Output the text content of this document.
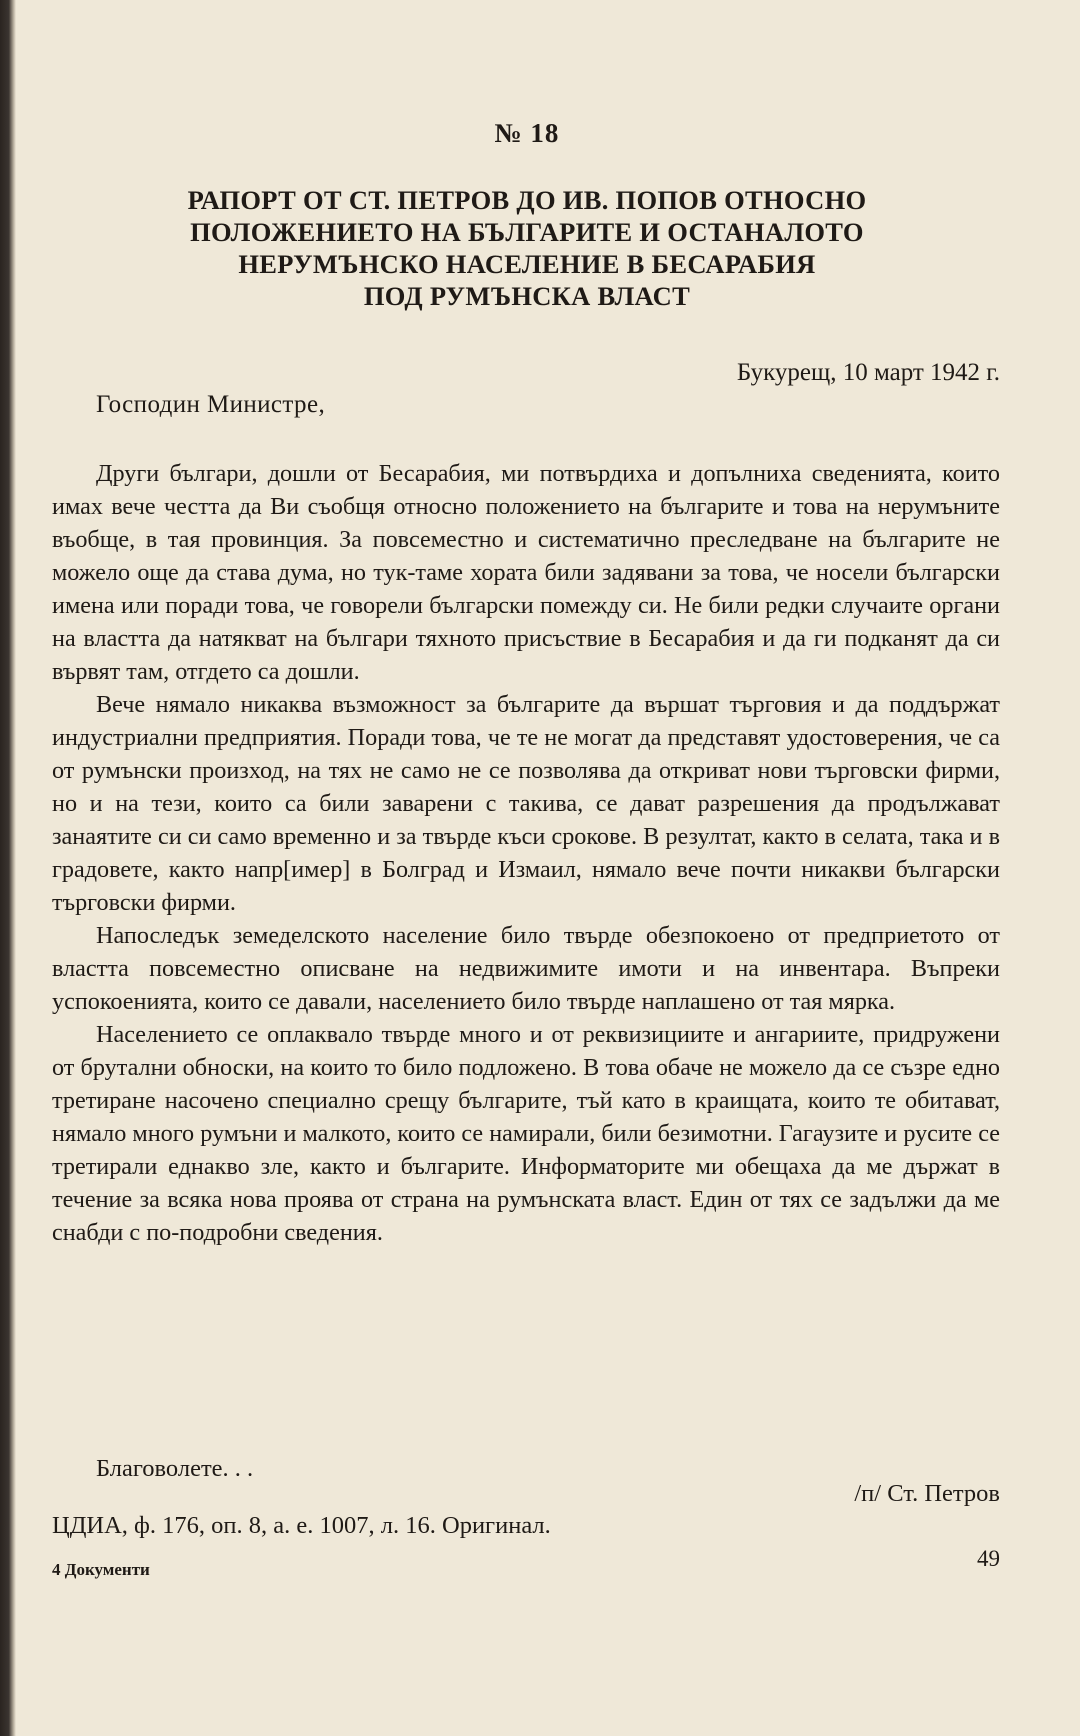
№ 18
РАПОРТ ОТ СТ. ПЕТРОВ ДО ИВ. ПОПОВ ОТНОСНО
ПОЛОЖЕНИЕТО НА БЪЛГАРИТЕ И ОСТАНАЛОТО
НЕРУМЪНСКО НАСЕЛЕНИЕ В БЕСАРАБИЯ
ПОД РУМЪНСКА ВЛАСТ
Букурещ, 10 март 1942 г.
Господин Министре,

Други българи, дошли от Бесарабия, ми потвърдиха и допълниха сведенията, които имах вече честта да Ви съобщя относно положението на българите и това на нерумъните въобще, в тая провинция. За повсеместно и систематично преследване на българите не можело още да става дума, но тук-таме хората били задявани за това, че носели български имена или поради това, че говорели български помежду си. Не били редки случаите органи на властта да натякват на българи тяхното присъствие в Бесарабия и да ги подканят да си вървят там, отгдето са дошли.

Вече нямало никаква възможност за българите да вършат търговия и да поддържат индустриални предприятия. Поради това, че те не могат да представят удостоверения, че са от румънски произход, на тях не само не се позволява да откриват нови търговски фирми, но и на тези, които са били заварени с такива, се дават разрешения да продължават занаятите си си само временно и за твърде къси срокове. В резултат, както в селата, така и в градовете, както напр[имер] в Болград и Измаил, нямало вече почти никакви български търговски фирми.

Напоследък земеделското население било твърде обезпокоено от предприетото от властта повсеместно описване на недвижимите имоти и на инвентара. Въпреки успокоенията, които се давали, населението било твърде наплашено от тая мярка.

Населението се оплаквало твърде много и от реквизициите и ангариите, придружени от брутални обноски, на които то било подложено. В това обаче не можело да се съзре едно третиране насочено специално срещу българите, тъй като в краищата, които те обитават, нямало много румъни и малкото, които се намирали, били безимотни. Гагаузите и руситe се третирали еднакво зле, както и българите. Информаторите ми обещаха да ме държат в течение за всяка нова проява от страна на румънската власт. Един от тях се задължи да ме снабди с по-подробни сведения.

Благоволете. . .
/п/ Ст. Петров
ЦДИА, ф. 176, оп. 8, а. е. 1007, л. 16. Оригинал.
49
4 Документи
